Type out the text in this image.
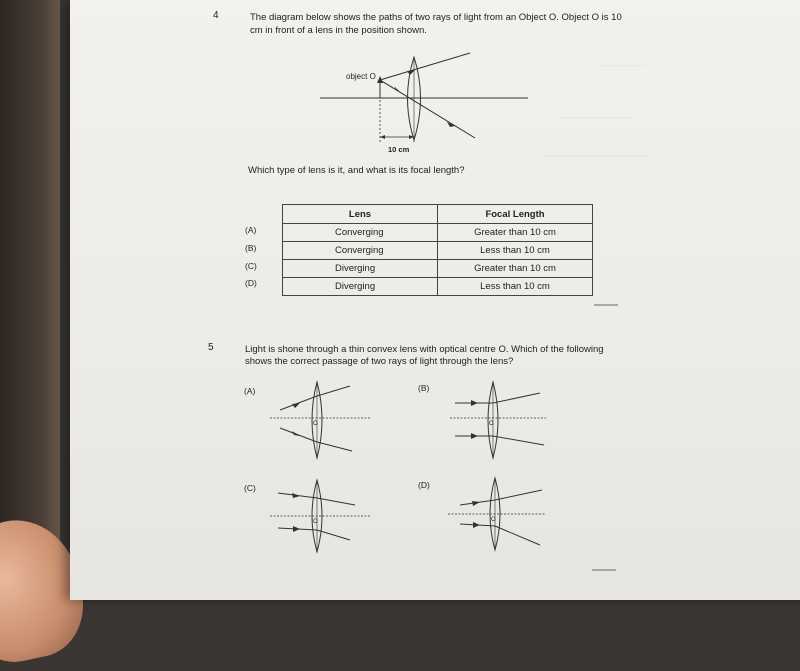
—————
————————
————————————
4	The diagram below shows the paths of two rays of light from an Object O. Object O is 10
cm in front of a lens in the position shown.
object O
10 cm
Which type of lens is it, and what is its focal length?
Lens	Focal Length
Converging	Greater than 10 cm
Converging	Less than 10 cm
Diverging	Greater than 10 cm
Diverging	Less than 10 cm
(A)
(B)
(C)
(D)
5	Light is shone through a thin convex lens with optical centre O. Which of the following
shows the correct passage of two rays of light through the lens?
(A)	(B)
(C)	(D)
O	O
O	O
